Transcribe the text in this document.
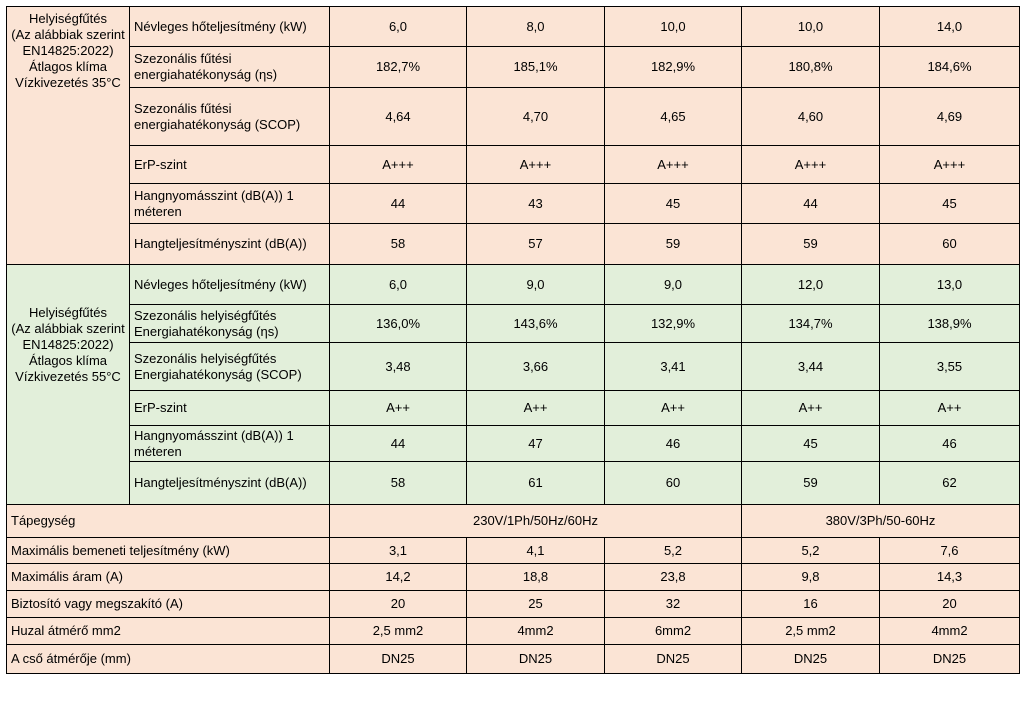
Helyiségfűtés
(Az alábbiak szerint EN14825:2022)
Átlagos klíma
Vízkivezetés 35°C	Névleges hőteljesítmény (kW)	6,0	8,0	10,0	10,0	14,0
	Szezonális fűtési energiahatékonyság (ηs)	182,7%	185,1%	182,9%	180,8%	184,6%
	Szezonális fűtési energiahatékonyság (SCOP)	4,64	4,70	4,65	4,60	4,69
	ErP-szint	A+++	A+++	A+++	A+++	A+++
	Hangnyomásszint (dB(A)) 1 méteren	44	43	45	44	45
	Hangteljesítményszint (dB(A))	58	57	59	59	60
Helyiségfűtés
(Az alábbiak szerint EN14825:2022)
Átlagos klíma
Vízkivezetés 55°C	Névleges hőteljesítmény (kW)	6,0	9,0	9,0	12,0	13,0
	Szezonális helyiségfűtés Energiahatékonyság (ηs)	136,0%	143,6%	132,9%	134,7%	138,9%
	Szezonális helyiségfűtés Energiahatékonyság (SCOP)	3,48	3,66	3,41	3,44	3,55
	ErP-szint	A++	A++	A++	A++	A++
	Hangnyomásszint (dB(A)) 1 méteren	44	47	46	45	46
	Hangteljesítményszint (dB(A))	58	61	60	59	62
Tápegység		230V/1Ph/50Hz/60Hz			380V/3Ph/50-60Hz	
Maximális bemeneti teljesítmény (kW)		3,1	4,1	5,2	5,2	7,6
Maximális áram (A)		14,2	18,8	23,8	9,8	14,3
Biztosító vagy megszakító (A)		20	25	32	16	20
Huzal átmérő mm2		2,5 mm2	4mm2	6mm2	2,5 mm2	4mm2
A cső átmérője (mm)		DN25	DN25	DN25	DN25	DN25
